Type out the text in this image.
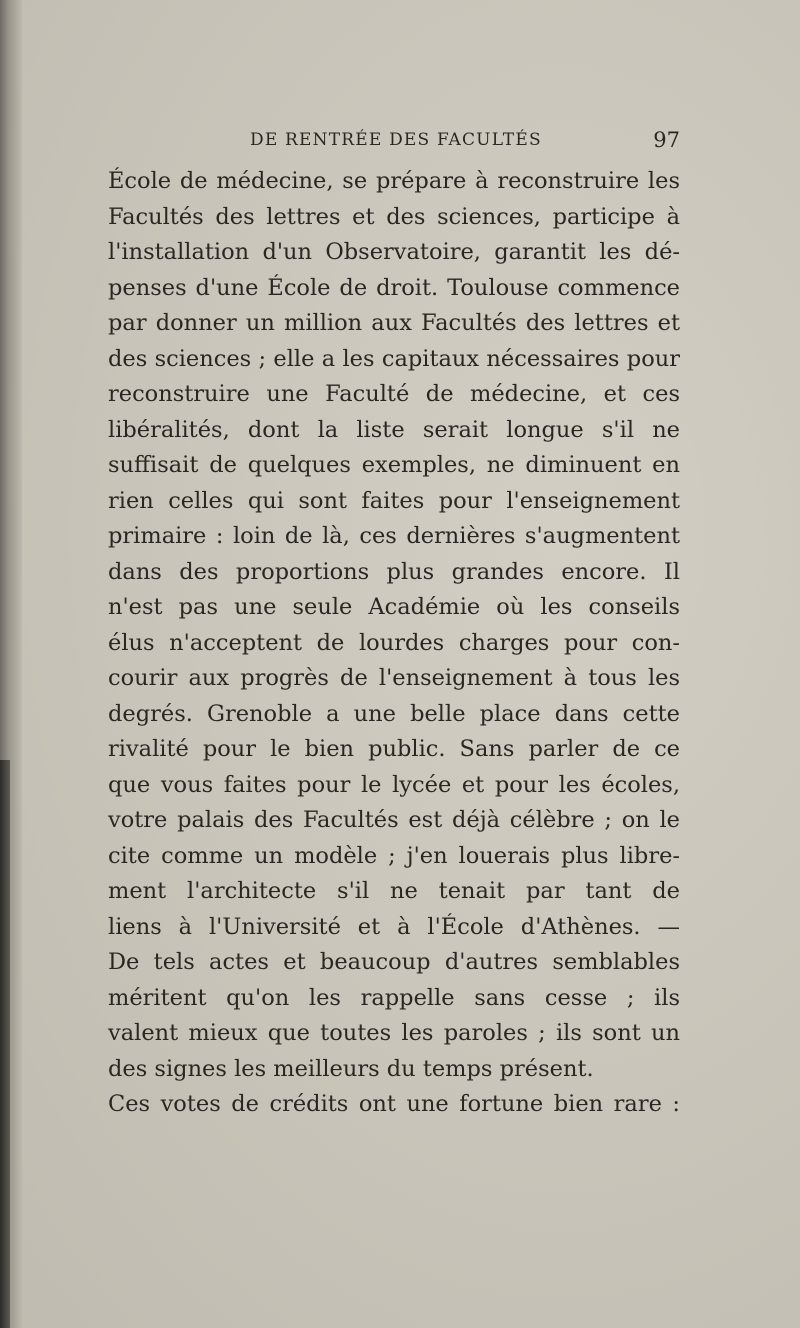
DE RENTRÉE DES FACULTÉS	97
École de médecine, se prépare à reconstruire les
Facultés des lettres et des sciences, participe à
l'installation d'un Observatoire, garantit les dé-
penses d'une École de droit. Toulouse commence
par donner un million aux Facultés des lettres et
des sciences ; elle a les capitaux nécessaires pour
reconstruire une Faculté de médecine, et ces
libéralités, dont la liste serait longue s'il ne
suffisait de quelques exemples, ne diminuent en
rien celles qui sont faites pour l'enseignement
primaire : loin de là, ces dernières s'augmentent
dans des proportions plus grandes encore. Il
n'est pas une seule Académie où les conseils
élus n'acceptent de lourdes charges pour con-
courir aux progrès de l'enseignement à tous les
degrés. Grenoble a une belle place dans cette
rivalité pour le bien public. Sans parler de ce
que vous faites pour le lycée et pour les écoles,
votre palais des Facultés est déjà célèbre ; on le
cite comme un modèle ; j'en louerais plus libre-
ment l'architecte s'il ne tenait par tant de
liens à l'Université et à l'École d'Athènes. —
De tels actes et beaucoup d'autres semblables
méritent qu'on les rappelle sans cesse ; ils
valent mieux que toutes les paroles ; ils sont un
des signes les meilleurs du temps présent.
Ces votes de crédits ont une fortune bien rare :
